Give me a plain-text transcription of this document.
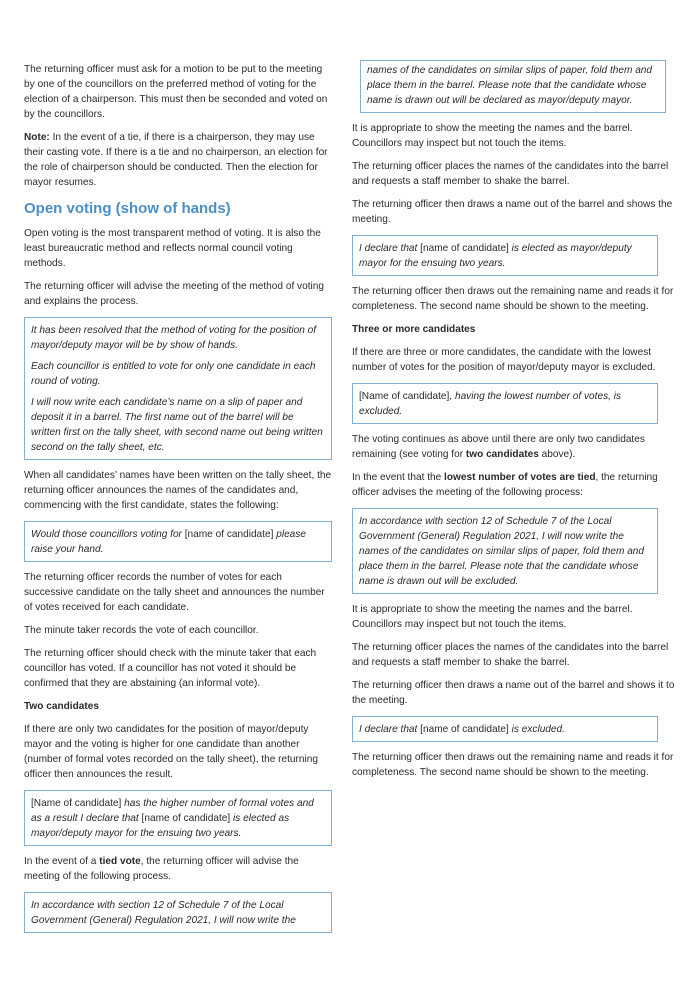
The returning officer must ask for a motion to be put to the meeting by one of the councillors on the preferred method of voting for the election of a chairperson. This must then be seconded and voted on by the councillors.

Note: In the event of a tie, if there is a chairperson, they may use their casting vote. If there is a tie and no chairperson, an election for the role of chairperson should be conducted. Then the election for mayor resumes.

Open voting (show of hands)

Open voting is the most transparent method of voting. It is also the least bureaucratic method and reflects normal council voting methods.

The returning officer will advise the meeting of the method of voting and explains the process.

It has been resolved that the method of voting for the position of mayor/deputy mayor will be by show of hands.

Each councillor is entitled to vote for only one candidate in each round of voting.

I will now write each candidate’s name on a slip of paper and deposit it in a barrel. The first name out of the barrel will be written first on the tally sheet, with second name out being written second on the tally sheet, etc.

When all candidates’ names have been written on the tally sheet, the returning officer announces the names of the candidates and, commencing with the first candidate, states the following:

Would those councillors voting for [name of candidate] please raise your hand.

The returning officer records the number of votes for each successive candidate on the tally sheet and announces the number of votes received for each candidate.

The minute taker records the vote of each councillor.

The returning officer should check with the minute taker that each councillor has voted. If a councillor has not voted it should be confirmed that they are abstaining (an informal vote).

Two candidates

If there are only two candidates for the position of mayor/deputy mayor and the voting is higher for one candidate than another (number of formal votes recorded on the tally sheet), the returning officer then announces the result.

[Name of candidate] has the higher number of formal votes and as a result I declare that [name of candidate] is elected as mayor/deputy mayor for the ensuing two years.

In the event of a tied vote, the returning officer will advise the meeting of the following process.

In accordance with section 12 of Schedule 7 of the Local Government (General) Regulation 2021, I will now write the

names of the candidates on similar slips of paper, fold them and place them in the barrel. Please note that the candidate whose name is drawn out will be declared as mayor/deputy mayor.

It is appropriate to show the meeting the names and the barrel. Councillors may inspect but not touch the items.

The returning officer places the names of the candidates into the barrel and requests a staff member to shake the barrel.

The returning officer then draws a name out of the barrel and shows the meeting.

I declare that [name of candidate] is elected as mayor/deputy mayor for the ensuing two years.

The returning officer then draws out the remaining name and reads it for completeness. The second name should be shown to the meeting.

Three or more candidates

If there are three or more candidates, the candidate with the lowest number of votes for the position of mayor/deputy mayor is excluded.

[Name of candidate], having the lowest number of votes, is excluded.

The voting continues as above until there are only two candidates remaining (see voting for two candidates above).

In the event that the lowest number of votes are tied, the returning officer advises the meeting of the following process:

In accordance with section 12 of Schedule 7 of the Local Government (General) Regulation 2021, I will now write the names of the candidates on similar slips of paper, fold them and place them in the barrel. Please note that the candidate whose name is drawn out will be excluded.

It is appropriate to show the meeting the names and the barrel. Councillors may inspect but not touch the items.

The returning officer places the names of the candidates into the barrel and requests a staff member to shake the barrel.

The returning officer then draws a name out of the barrel and shows it to the meeting.

I declare that [name of candidate] is excluded.

The returning officer then draws out the remaining name and reads it for completeness. The second name should be shown to the meeting.
